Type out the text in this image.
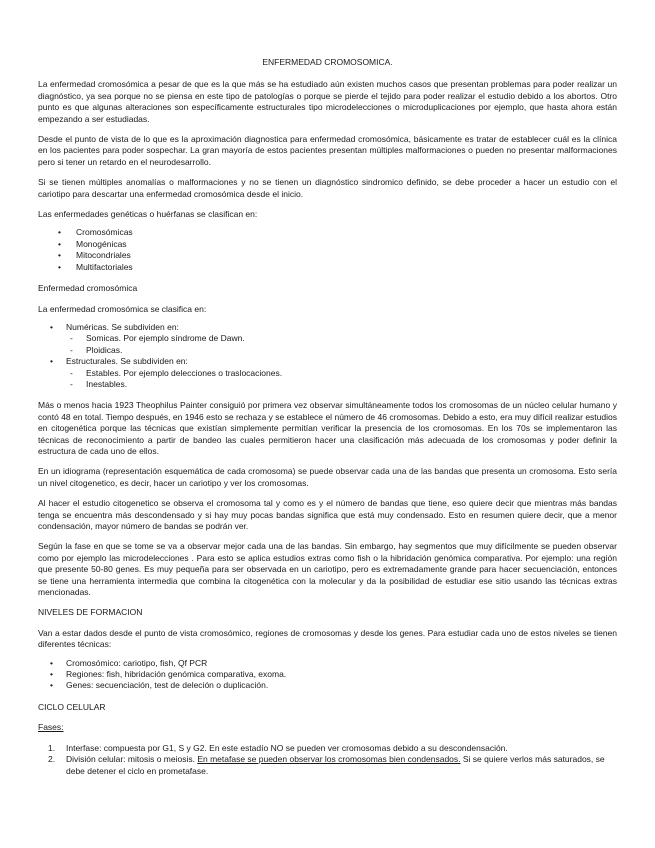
ENFERMEDAD CROMOSOMICA.

La enfermedad cromosómica a pesar de que es la que más se ha estudiado aún existen muchos casos que presentan problemas para poder realizar un diagnóstico, ya sea porque no se piensa en este tipo de patologías o porque se pierde el tejido para poder realizar el estudio debido a los abortos. Otro punto es que algunas alteraciones son específicamente estructurales tipo microdelecciones o microduplicaciones por ejemplo, que hasta ahora están empezando a ser estudiadas.

Desde el punto de vista de lo que es la aproximación diagnostica para enfermedad cromosómica, básicamente es tratar de establecer cuál es la clínica en los pacientes para poder sospechar. La gran mayoría de estos pacientes presentan múltiples malformaciones o pueden no presentar malformaciones pero si tener un retardo en el neurodesarrollo.

Si se tienen múltiples anomalías o malformaciones y no se tienen un diagnóstico sindromico definido, se debe proceder a hacer un estudio con el cariotipo para descartar una enfermedad cromosómica desde el inicio.

Las enfermedades genéticas o huérfanas se clasifican en:

• Cromosómicas
• Monogénicas
• Mitocondriales
• Multifactoriales

Enfermedad cromosómica

La enfermedad cromosómica se clasifica en:

• Numéricas. Se subdividen en:
- Somicas. Por ejemplo síndrome de Dawn.
- Ploidicas.
• Estructurales. Se subdividen en:
- Estables. Por ejemplo delecciones o traslocaciones.
- Inestables.

Más o menos hacia 1923 Theophilus Painter consiguió por primera vez observar simultáneamente todos los cromosomas de un núcleo celular humano y contó 48 en total. Tiempo después, en 1946 esto se rechaza y se establece el número de 46 cromosomas. Debido a esto, era muy difícil realizar estudios en citogenética porque las técnicas que existían simplemente permitían verificar la presencia de los cromosomas. En los 70s se implementaron las técnicas de reconocimiento a partir de bandeo las cuales permitieron hacer una clasificación más adecuada de los cromosomas y poder definir la estructura de cada uno de ellos.

En un idiograma (representación esquemática de cada cromosoma) se puede observar cada una de las bandas que presenta un cromosoma. Esto sería un nivel citogenetico, es decir, hacer un cariotipo y ver los cromosomas.

Al hacer el estudio citogenetico se observa el cromosoma tal y como es y el número de bandas que tiene, eso quiere decir que mientras más bandas tenga se encuentra más descondensado y si hay muy pocas bandas significa que está muy condensado. Esto en resumen quiere decir, que a menor condensación, mayor número de bandas se podrán ver.

Según la fase en que se tome se va a observar mejor cada una de las bandas. Sin embargo, hay segmentos que muy difícilmente se pueden observar como por ejemplo las microdelecciones . Para esto se aplica estudios extras como fish o la hibridación genómica comparativa. Por ejemplo: una región que presente 50-80 genes. Es muy pequeña para ser observada en un cariotipo, pero es extremadamente grande para hacer secuenciación, entonces se tiene una herramienta intermedia que combina la citogenética con la molecular y da la posibilidad de estudiar ese sitio usando las técnicas extras mencionadas.

NIVELES DE FORMACION

Van a estar dados desde el punto de vista cromosómico, regiones de cromosomas y desde los genes. Para estudiar cada uno de estos niveles se tienen diferentes técnicas:

• Cromosómico: cariotipo, fish, Qf PCR
• Regiones: fish, hibridación genómica comparativa, exoma.
• Genes: secuenciación, test de deleción o duplicación.

CICLO CELULAR

Fases:

1. Interfase: compuesta por G1, S y G2. En este estadío NO se pueden ver cromosomas debido a su descondensación.
2. División celular: mitosis o meiosis. En metafase se pueden observar los cromosomas bien condensados. Si se quiere verlos más saturados, se debe detener el ciclo en prometafase.
